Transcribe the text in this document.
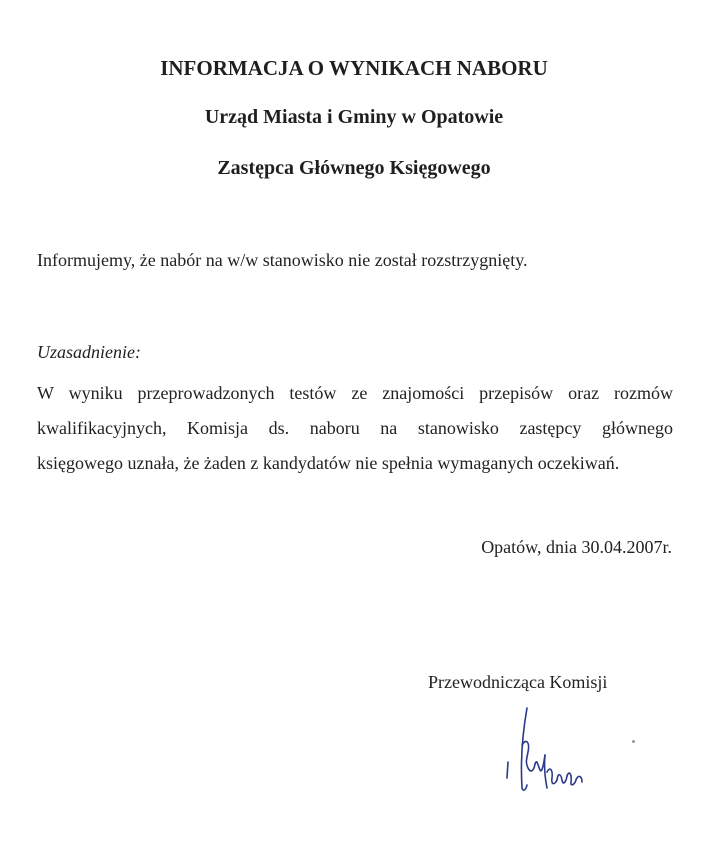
INFORMACJA O WYNIKACH NABORU
Urząd Miasta i Gminy w Opatowie
Zastępca Głównego Księgowego
Informujemy, że nabór na w/w stanowisko nie został rozstrzygnięty.
Uzasadnienie:
W wyniku przeprowadzonych testów ze znajomości przepisów oraz rozmów
kwalifikacyjnych, Komisja ds. naboru na stanowisko zastępcy głównego
księgowego uznała, że żaden z kandydatów nie spełnia wymaganych oczekiwań.
Opatów, dnia 30.04.2007r.
Przewodnicząca Komisji
